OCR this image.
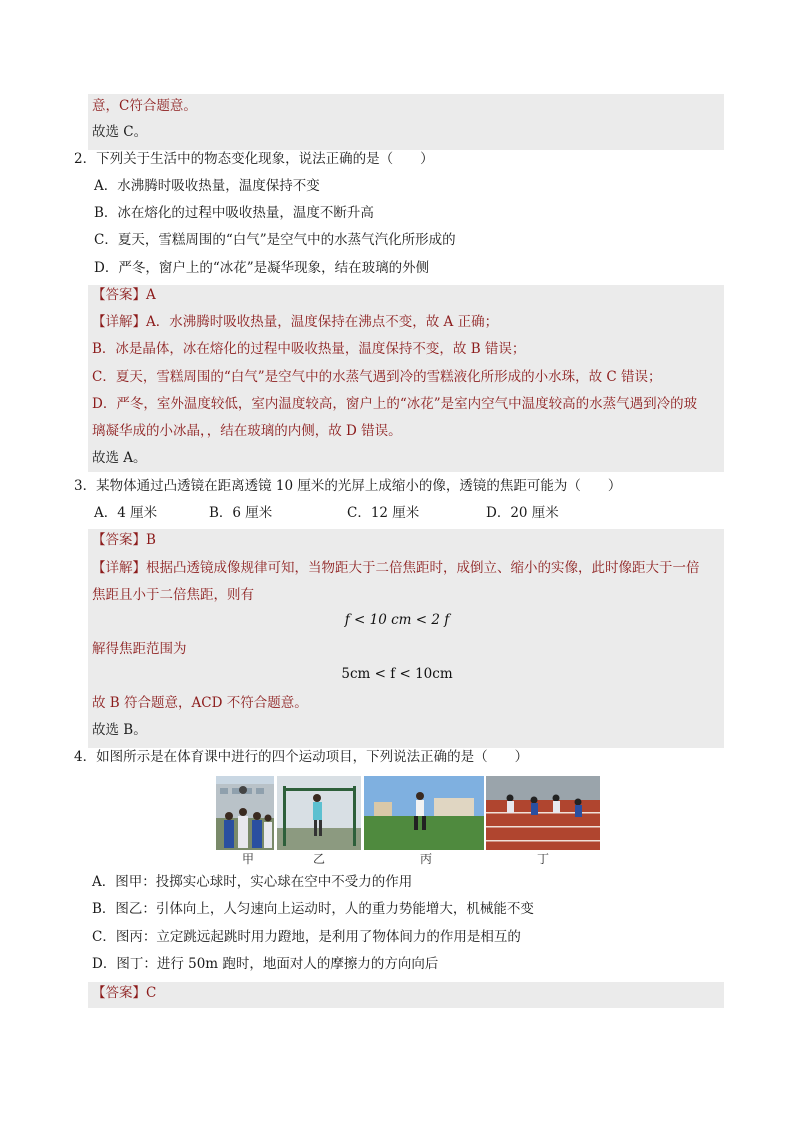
意，C符合题意。
故选 C。
2．下列关于生活中的物态变化现象，说法正确的是（　　）
A．水沸腾时吸收热量，温度保持不变
B．冰在熔化的过程中吸收热量，温度不断升高
C．夏天，雪糕周围的“白气”是空气中的水蒸气汽化所形成的
D．严冬，窗户上的“冰花”是凝华现象，结在玻璃的外侧
【答案】A
【详解】A．水沸腾时吸收热量，温度保持在沸点不变，故 A 正确；
B．冰是晶体，冰在熔化的过程中吸收热量，温度保持不变，故 B 错误；
C．夏天，雪糕周围的“白气”是空气中的水蒸气遇到冷的雪糕液化所形成的小水珠，故 C 错误；
D．严冬，室外温度较低，室内温度较高，窗户上的“冰花”是室内空气中温度较高的水蒸气遇到冷的玻
璃凝华成的小冰晶，，结在玻璃的内侧，故 D 错误。
故选 A。
3．某物体通过凸透镜在距离透镜 10 厘米的光屏上成缩小的像，透镜的焦距可能为（　　）
A．4 厘米	B．6 厘米	C．12 厘米	D．20 厘米
【答案】B
【详解】根据凸透镜成像规律可知，当物距大于二倍焦距时，成倒立、缩小的实像，此时像距大于一倍
焦距且小于二倍焦距，则有
f < 10 cm < 2 f
解得焦距范围为
5cm < f < 10cm
故 B 符合题意，ACD 不符合题意。
故选 B。
4．如图所示是在体育课中进行的四个运动项目，下列说法正确的是（　　）
甲	乙	丙	丁
A．图甲：投掷实心球时，实心球在空中不受力的作用
B．图乙：引体向上，人匀速向上运动时，人的重力势能增大，机械能不变
C．图丙：立定跳远起跳时用力蹬地，是利用了物体间力的作用是相互的
D．图丁：进行 50m 跑时，地面对人的摩擦力的方向向后
【答案】C
